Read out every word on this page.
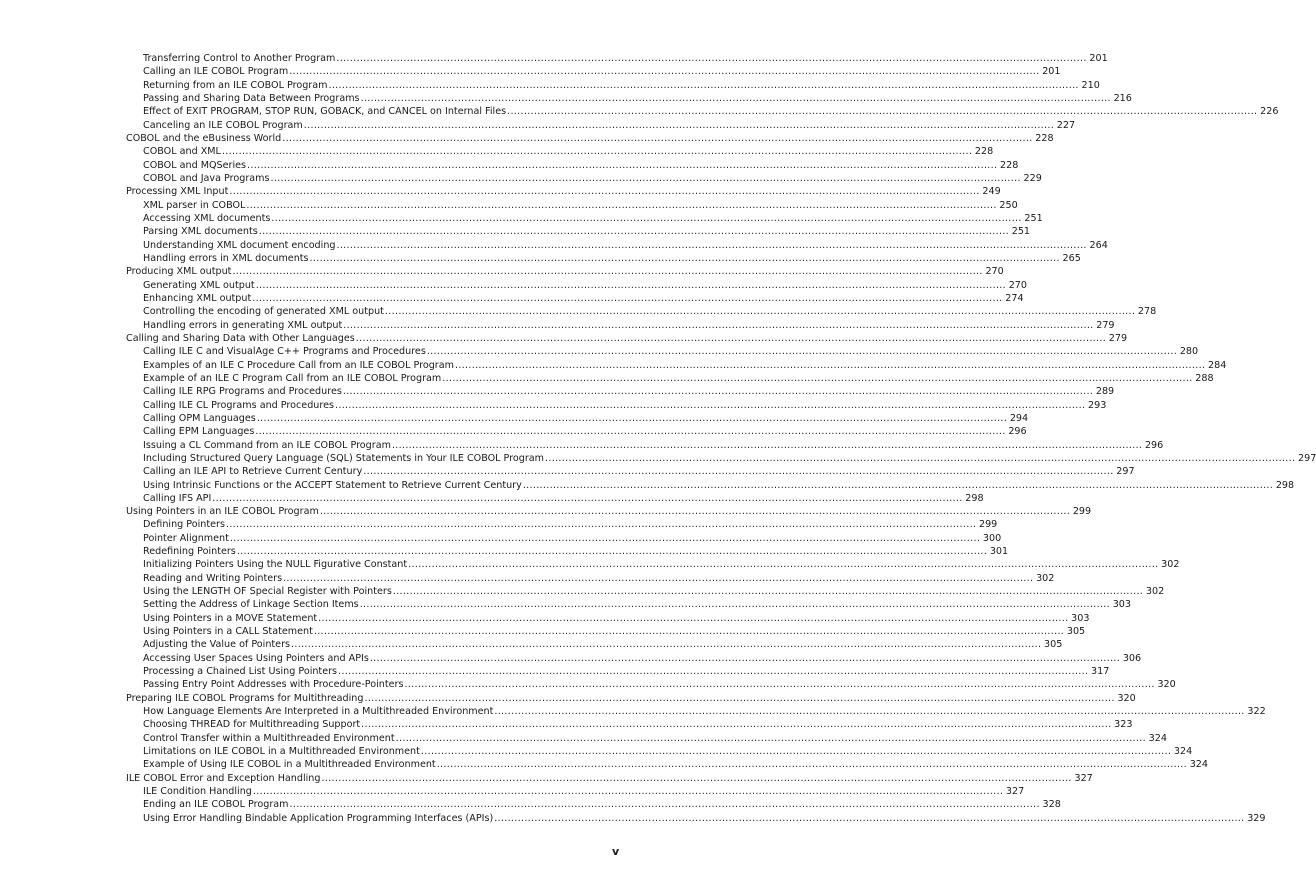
Transferring Control to Another Program .....	201
Calling an ILE COBOL Program .....	201
Returning from an ILE COBOL Program .....	210
Passing and Sharing Data Between Programs .....	216
Effect of EXIT PROGRAM, STOP RUN, GOBACK, and CANCEL on Internal Files .....	226
Canceling an ILE COBOL Program .....	227
COBOL and the eBusiness World .....	228
COBOL and XML .....	228
COBOL and MQSeries .....	228
COBOL and Java Programs .....	229
Processing XML Input .....	249
XML parser in COBOL .....	250
Accessing XML documents .....	251
Parsing XML documents .....	251
Understanding XML document encoding .....	264
Handling errors in XML documents .....	265
Producing XML output .....	270
Generating XML output .....	270
Enhancing XML output .....	274
Controlling the encoding of generated XML output .....	278
Handling errors in generating XML output .....	279
Calling and Sharing Data with Other Languages .....	279
Calling ILE C and VisualAge C++ Programs and Procedures .....	280
Examples of an ILE C Procedure Call from an ILE COBOL Program .....	284
Example of an ILE C Program Call from an ILE COBOL Program .....	288
Calling ILE RPG Programs and Procedures .....	289
Calling ILE CL Programs and Procedures .....	293
Calling OPM Languages .....	294
Calling EPM Languages .....	296
Issuing a CL Command from an ILE COBOL Program .....	296
Including Structured Query Language (SQL) Statements in Your ILE COBOL Program .....	297
Calling an ILE API to Retrieve Current Century .....	297
Using Intrinsic Functions or the ACCEPT Statement to Retrieve Current Century .....	298
Calling IFS API .....	298
Using Pointers in an ILE COBOL Program .....	299
Defining Pointers .....	299
Pointer Alignment .....	300
Redefining Pointers .....	301
Initializing Pointers Using the NULL Figurative Constant .....	302
Reading and Writing Pointers .....	302
Using the LENGTH OF Special Register with Pointers .....	302
Setting the Address of Linkage Section Items .....	303
Using Pointers in a MOVE Statement .....	303
Using Pointers in a CALL Statement .....	305
Adjusting the Value of Pointers .....	305
Accessing User Spaces Using Pointers and APIs .....	306
Processing a Chained List Using Pointers .....	317
Passing Entry Point Addresses with Procedure-Pointers .....	320
Preparing ILE COBOL Programs for Multithreading .....	320
How Language Elements Are Interpreted in a Multithreaded Environment .....	322
Choosing THREAD for Multithreading Support .....	323
Control Transfer within a Multithreaded Environment .....	324
Limitations on ILE COBOL in a Multithreaded Environment .....	324
Example of Using ILE COBOL in a Multithreaded Environment .....	324
ILE COBOL Error and Exception Handling .....	327
ILE Condition Handling .....	327
Ending an ILE COBOL Program .....	328
Using Error Handling Bindable Application Programming Interfaces (APIs) .....	329
v
